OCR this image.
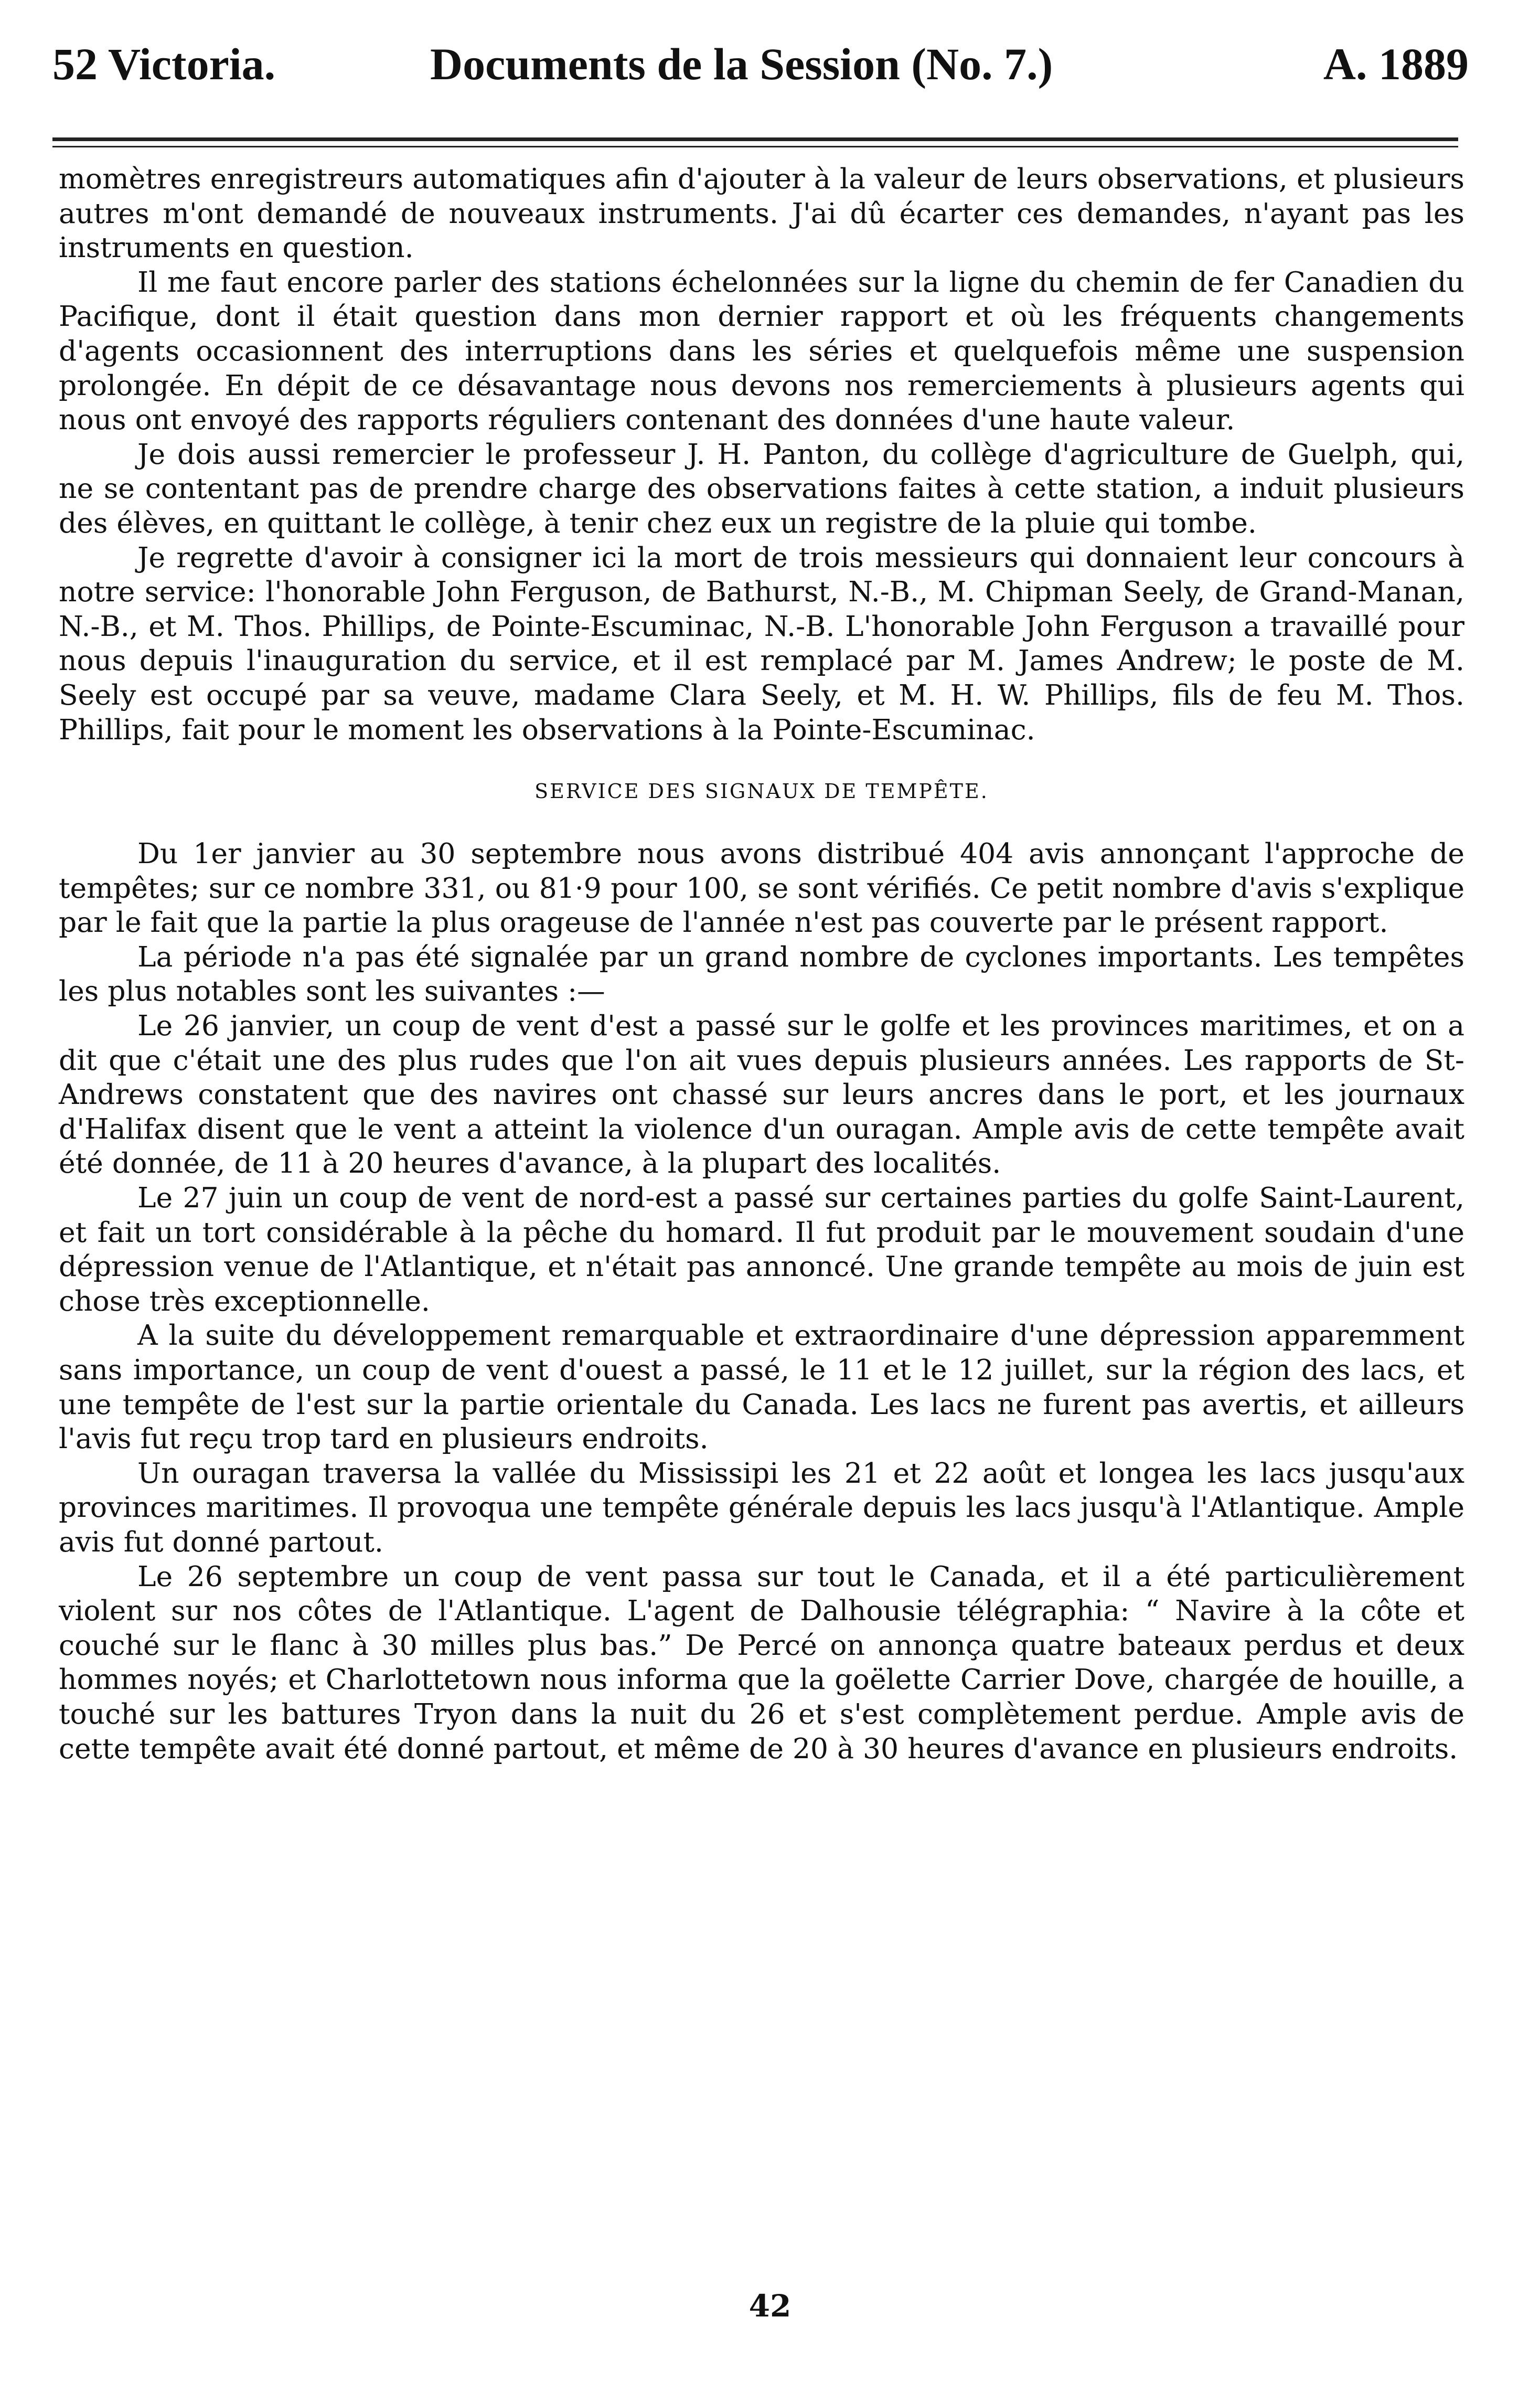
52 Victoria.	Documents de la Session (No. 7.)	A. 1889

momètres enregistreurs automatiques afin d'ajouter à la valeur de leurs observations, et plusieurs autres m'ont demandé de nouveaux instruments. J'ai dû écarter ces demandes, n'ayant pas les instruments en question.

Il me faut encore parler des stations échelonnées sur la ligne du chemin de fer Canadien du Pacifique, dont il était question dans mon dernier rapport et où les fréquents changements d'agents occasionnent des interruptions dans les séries et quelquefois même une suspension prolongée. En dépit de ce désavantage nous devons nos remerciements à plusieurs agents qui nous ont envoyé des rapports réguliers contenant des données d'une haute valeur.

Je dois aussi remercier le professeur J. H. Panton, du collège d'agriculture de Guelph, qui, ne se contentant pas de prendre charge des observations faites à cette station, a induit plusieurs des élèves, en quittant le collège, à tenir chez eux un registre de la pluie qui tombe.

Je regrette d'avoir à consigner ici la mort de trois messieurs qui donnaient leur concours à notre service: l'honorable John Ferguson, de Bathurst, N.-B., M. Chipman Seely, de Grand-Manan, N.-B., et M. Thos. Phillips, de Pointe-Escuminac, N.-B. L'honorable John Ferguson a travaillé pour nous depuis l'inauguration du service, et il est remplacé par M. James Andrew; le poste de M. Seely est occupé par sa veuve, madame Clara Seely, et M. H. W. Phillips, fils de feu M. Thos. Phillips, fait pour le moment les observations à la Pointe-Escuminac.

SERVICE DES SIGNAUX DE TEMPÊTE.

Du 1er janvier au 30 septembre nous avons distribué 404 avis annonçant l'approche de tempêtes; sur ce nombre 331, ou 81·9 pour 100, se sont vérifiés. Ce petit nombre d'avis s'explique par le fait que la partie la plus orageuse de l'année n'est pas couverte par le présent rapport.

La période n'a pas été signalée par un grand nombre de cyclones importants. Les tempêtes les plus notables sont les suivantes :—

Le 26 janvier, un coup de vent d'est a passé sur le golfe et les provinces maritimes, et on a dit que c'était une des plus rudes que l'on ait vues depuis plusieurs années. Les rapports de St-Andrews constatent que des navires ont chassé sur leurs ancres dans le port, et les journaux d'Halifax disent que le vent a atteint la violence d'un ouragan. Ample avis de cette tempête avait été donnée, de 11 à 20 heures d'avance, à la plupart des localités.

Le 27 juin un coup de vent de nord-est a passé sur certaines parties du golfe Saint-Laurent, et fait un tort considérable à la pêche du homard. Il fut produit par le mouvement soudain d'une dépression venue de l'Atlantique, et n'était pas annoncé. Une grande tempête au mois de juin est chose très exceptionnelle.

A la suite du développement remarquable et extraordinaire d'une dépression apparemment sans importance, un coup de vent d'ouest a passé, le 11 et le 12 juillet, sur la région des lacs, et une tempête de l'est sur la partie orientale du Canada. Les lacs ne furent pas avertis, et ailleurs l'avis fut reçu trop tard en plusieurs endroits.

Un ouragan traversa la vallée du Mississipi les 21 et 22 août et longea les lacs jusqu'aux provinces maritimes. Il provoqua une tempête générale depuis les lacs jusqu'à l'Atlantique. Ample avis fut donné partout.

Le 26 septembre un coup de vent passa sur tout le Canada, et il a été particulièrement violent sur nos côtes de l'Atlantique. L'agent de Dalhousie télégraphia: “ Navire à la côte et couché sur le flanc à 30 milles plus bas.” De Percé on annonça quatre bateaux perdus et deux hommes noyés; et Charlottetown nous informa que la goëlette Carrier Dove, chargée de houille, a touché sur les battures Tryon dans la nuit du 26 et s'est complètement perdue. Ample avis de cette tempête avait été donné partout, et même de 20 à 30 heures d'avance en plusieurs endroits.

42
